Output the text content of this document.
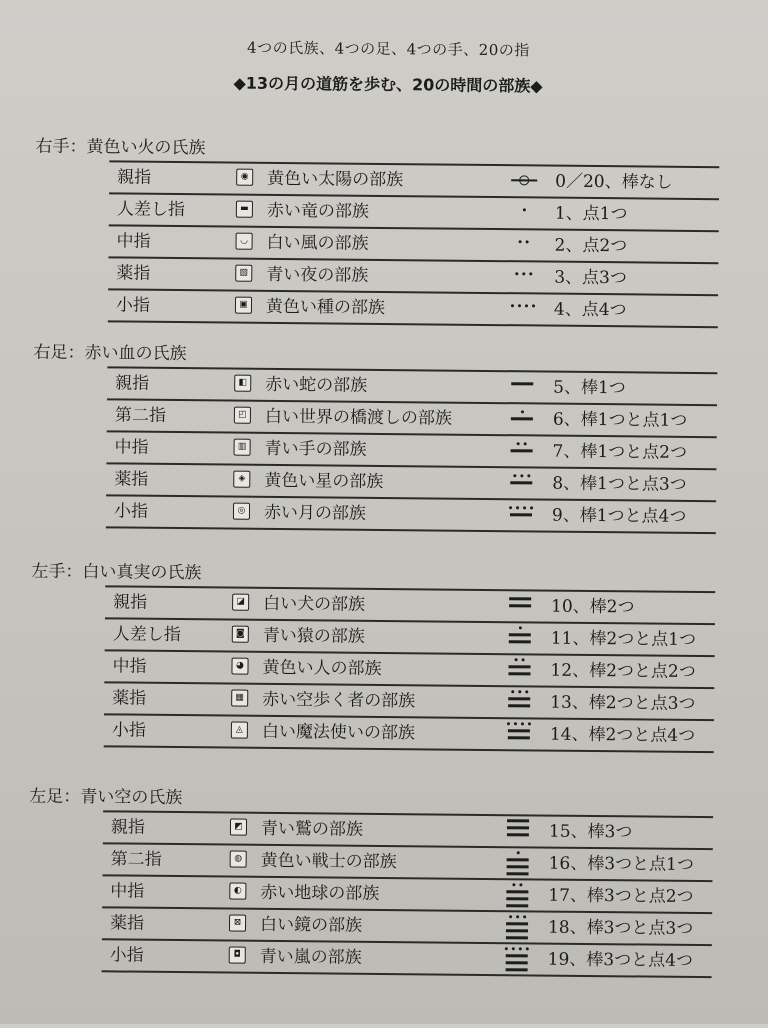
4つの氏族、4つの足、4つの手、20の指
◆13の月の道筋を歩む、20の時間の部族◆
右手：黄色い火の氏族
親指	◉ 黄色い太陽の部族	0／20、棒なし
人差し指	▬ 赤い竜の部族	1、点1つ
中指	◡ 白い風の部族	2、点2つ
薬指	▧ 青い夜の部族	3、点3つ
小指	▣ 黄色い種の部族	4、点4つ
右足：赤い血の氏族
親指	◧ 赤い蛇の部族	5、棒1つ
第二指	◰ 白い世界の橋渡しの部族	6、棒1つと点1つ
中指	▥ 青い手の部族	7、棒1つと点2つ
薬指	◈ 黄色い星の部族	8、棒1つと点3つ
小指	◎ 赤い月の部族	9、棒1つと点4つ
左手：白い真実の氏族
親指	◪ 白い犬の部族	10、棒2つ
人差し指	◙ 青い猿の部族	11、棒2つと点1つ
中指	◕ 黄色い人の部族	12、棒2つと点2つ
薬指	▦ 赤い空歩く者の部族	13、棒2つと点3つ
小指	◬ 白い魔法使いの部族	14、棒2つと点4つ
左足：青い空の氏族
親指	◩ 青い鷲の部族	15、棒3つ
第二指	◍ 黄色い戦士の部族	16、棒3つと点1つ
中指	◐ 赤い地球の部族	17、棒3つと点2つ
薬指	⊠ 白い鏡の部族	18、棒3つと点3つ
小指	◘ 青い嵐の部族	19、棒3つと点4つ
